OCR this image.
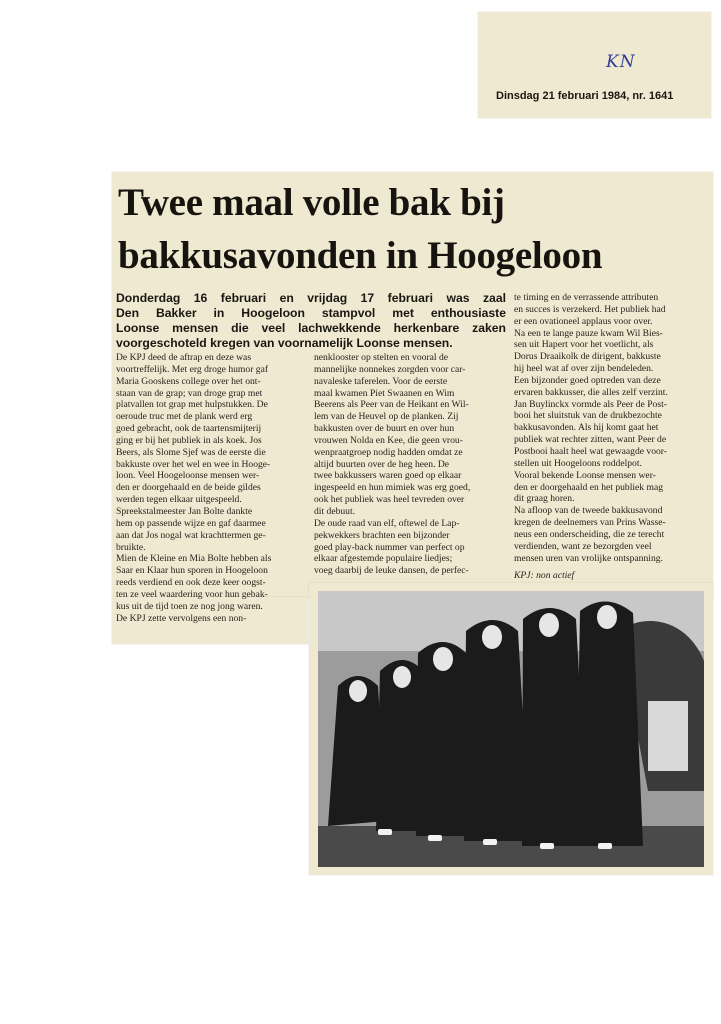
KN
Dinsdag 21 februari 1984, nr. 1641
Twee maal volle bak bij
bakkusavonden in Hoogeloon
Donderdag 16 februari en vrijdag 17 februari was zaal
Den Bakker in Hoogeloon stampvol met enthousiaste
Loonse mensen die veel lachwekkende herkenbare zaken
voorgeschoteld kregen van voornamelijk Loonse mensen.
De KPJ deed de aftrap en deze was
voortreffelijk. Met erg droge humor gaf
Maria Gooskens college over het ont-
staan van de grap; van droge grap met
platvallen tot grap met hulpstukken. De
oeroude truc met de plank werd erg
goed gebracht, ook de taartensmijterij
ging er bij het publiek in als koek. Jos
Beers, als Slome Sjef was de eerste die
bakkuste over het wel en wee in Hooge-
loon. Veel Hoogeloonse mensen wer-
den er doorgehaald en de beide gildes
werden tegen elkaar uitgespeeld.
Spreekstalmeester Jan Bolte dankte
hem op passende wijze en gaf daarmee
aan dat Jos nogal wat krachttermen ge-
bruikte.
Mien de Kleine en Mia Bolte hebben als
Saar en Klaar hun sporen in Hoogeloon
reeds verdiend en ook deze keer oogst-
ten ze veel waardering voor hun gebak-
kus uit de tijd toen ze nog jong waren.
De KPJ zette vervolgens een non-
nenklooster op stelten en vooral de
mannelijke nonnekes zorgden voor car-
navaleske taferelen. Voor de eerste
maal kwamen Piet Swaanen en Wim
Beerens als Peer van de Heikant en Wil-
lem van de Heuvel op de planken. Zij
bakkusten over de buurt en over hun
vrouwen Nolda en Kee, die geen vrou-
wenpraatgroep nodig hadden omdat ze
altijd buurten over de heg heen. De
twee bakkussers waren goed op elkaar
ingespeeld en hun mimiek was erg goed,
ook het publiek was heel tevreden over
dit debuut.
De oude raad van elf, oftewel de Lap-
pekwekkers brachten een bijzonder
goed play-back nummer van perfect op
elkaar afgestemde populaire liedjes;
voeg daarbij de leuke dansen, de perfec-
te timing en de verrassende attributen
en succes is verzekerd. Het publiek had
er een ovationeel applaus voor over.
Na een te lange pauze kwam Wil Bies-
sen uit Hapert voor het voetlicht, als
Dorus Draaikolk de dirigent, bakkuste
hij heel wat af over zijn bendeleden.
Een bijzonder goed optreden van deze
ervaren bakkusser, die alles zelf verzint.
Jan Buylinckx vormde als Peer de Post-
booi het sluitstuk van de drukbezochte
bakkusavonden. Als hij komt gaat het
publiek wat rechter zitten, want Peer de
Postbooi haalt heel wat gewaagde voor-
stellen uit Hoogeloons roddelpot.
Vooral bekende Loonse mensen wer-
den er doorgehaald en het publiek mag
dit graag horen.
Na afloop van de tweede bakkusavond
kregen de deelnemers van Prins Wasse-
neus een onderscheiding, die ze terecht
verdienden, want ze bezorgden veel
mensen uren van vrolijke ontspanning.
KPJ: non actief
